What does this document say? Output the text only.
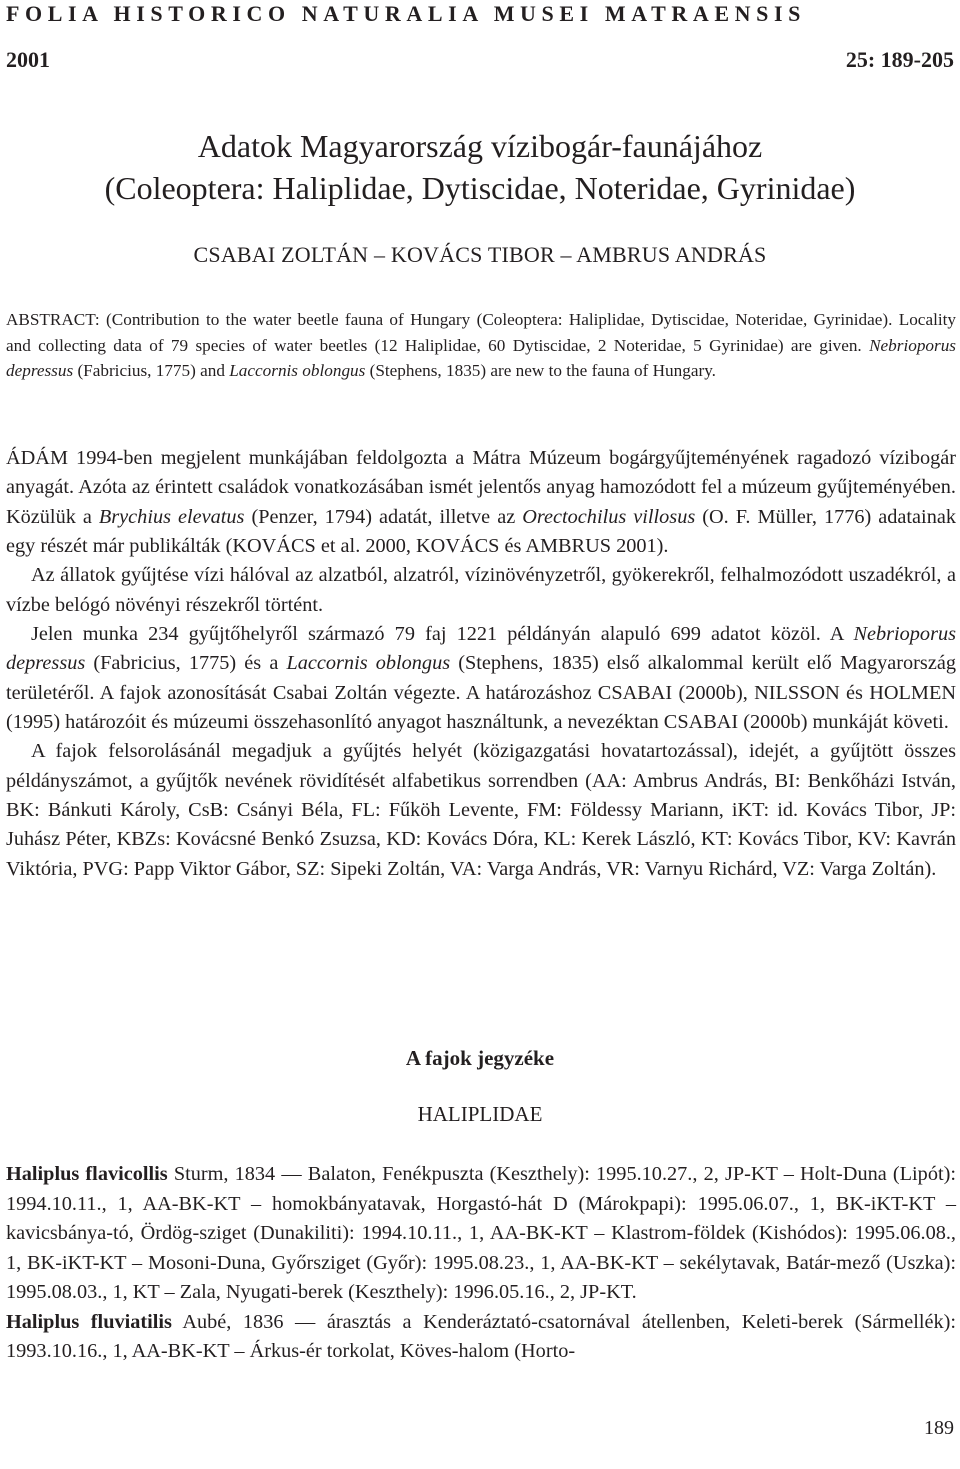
FOLIA HISTORICO NATURALIA MUSEI MATRAENSIS
2001	25: 189-205
Adatok Magyarország vízibogár-faunájához
(Coleoptera: Haliplidae, Dytiscidae, Noteridae, Gyrinidae)
CSABAI ZOLTÁN – KOVÁCS TIBOR – AMBRUS ANDRÁS

ABSTRACT: (Contribution to the water beetle fauna of Hungary (Coleoptera: Haliplidae, Dytiscidae, Noteridae, Gyrinidae). Locality and collecting data of 79 species of water beetles (12 Haliplidae, 60 Dytiscidae, 2 Noteridae, 5 Gyrinidae) are given. Nebrioporus depressus (Fabricius, 1775) and Laccornis oblongus (Stephens, 1835) are new to the fauna of Hungary.

ÁDÁM 1994-ben megjelent munkájában feldolgozta a Mátra Múzeum bogárgyűjteményének ragadozó vízibogár anyagát. Azóta az érintett családok vonatkozásában ismét jelentős anyag hamozódott fel a múzeum gyűjteményében. Közülük a Brychius elevatus (Penzer, 1794) adatát, illetve az Orectochilus villosus (O. F. Müller, 1776) adatainak egy részét már publikálták (KOVÁCS et al. 2000, KOVÁCS és AMBRUS 2001).

Az állatok gyűjtése vízi hálóval az alzatból, alzatról, vízinövényzetről, gyökerekről, felhalmozódott uszadékról, a vízbe belógó növényi részekről történt.

Jelen munka 234 gyűjtőhelyről származó 79 faj 1221 példányán alapuló 699 adatot közöl. A Nebrioporus depressus (Fabricius, 1775) és a Laccornis oblongus (Stephens, 1835) első alkalommal került elő Magyarország területéről. A fajok azonosítását Csabai Zoltán végezte. A határozáshoz CSABAI (2000b), NILSSON és HOLMEN (1995) határozóit és múzeumi összehasonlító anyagot használtunk, a nevezéktan CSABAI (2000b) munkáját követi.

A fajok felsorolásánál megadjuk a gyűjtés helyét (közigazgatási hovatartozással), idejét, a gyűjtött összes példányszámot, a gyűjtők nevének rövidítését alfabetikus sorrendben (AA: Ambrus András, BI: Benkőházi István, BK: Bánkuti Károly, CsB: Csányi Béla, FL: Fűköh Levente, FM: Földessy Mariann, iKT: id. Kovács Tibor, JP: Juhász Péter, KBZs: Kovácsné Benkó Zsuzsa, KD: Kovács Dóra, KL: Kerek László, KT: Kovács Tibor, KV: Kavrán Viktória, PVG: Papp Viktor Gábor, SZ: Sipeki Zoltán, VA: Varga András, VR: Varnyu Richárd, VZ: Varga Zoltán).

A fajok jegyzéke
HALIPLIDAE

Haliplus flavicollis Sturm, 1834 — Balaton, Fenékpuszta (Keszthely): 1995.10.27., 2, JP-KT – Holt-Duna (Lipót): 1994.10.11., 1, AA-BK-KT – homokbányatavak, Horgastó-hát D (Márokpapi): 1995.06.07., 1, BK-iKT-KT – kavicsbánya-tó, Ördög-sziget (Dunakiliti): 1994.10.11., 1, AA-BK-KT – Klastrom-földek (Kishódos): 1995.06.08., 1, BK-iKT-KT – Mosoni-Duna, Győrsziget (Győr): 1995.08.23., 1, AA-BK-KT – sekélytavak, Batár-mező (Uszka): 1995.08.03., 1, KT – Zala, Nyugati-berek (Keszthely): 1996.05.16., 2, JP-KT.

Haliplus fluviatilis Aubé, 1836 — árasztás a Kenderáztató-csatornával átellenben, Keleti-berek (Sármellék): 1993.10.16., 1, AA-BK-KT – Árkus-ér torkolat, Köves-halom (Horto-

189
